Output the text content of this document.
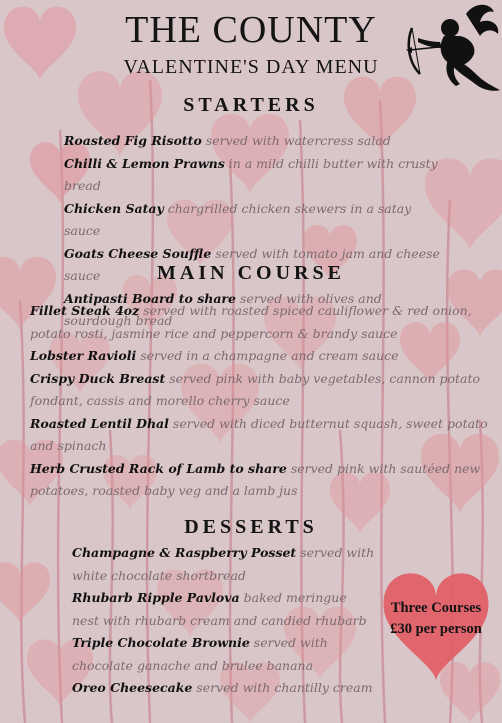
THE COUNTY
VALENTINE'S DAY MENU
STARTERS
Roasted Fig Risotto served with watercress salad
Chilli & Lemon Prawns in a mild chilli butter with crusty bread
Chicken Satay chargrilled chicken skewers in a satay sauce
Goats Cheese Souffle served with tomato jam and cheese sauce
Antipasti Board to share served with olives and sourdough bread
MAIN COURSE
Fillet Steak 4oz served with roasted spiced cauliflower & red onion, potato rosti, jasmine rice and peppercorn & brandy sauce
Lobster Ravioli served in a champagne and cream sauce
Crispy Duck Breast served pink with baby vegetables, cannon potato fondant, cassis and morello cherry sauce
Roasted Lentil Dhal served with diced butternut squash, sweet potato and spinach
Herb Crusted Rack of Lamb to share served pink with sautéed new potatoes, roasted baby veg and a lamb jus
DESSERTS
Champagne & Raspberry Posset served with white chocolate shortbread
Rhubarb Ripple Pavlova baked meringue nest with rhubarb cream and candied rhubarb
Triple Chocolate Brownie served with chocolate ganache and brulee banana
Oreo Cheesecake served with chantilly cream
Three Courses
£30 per person
